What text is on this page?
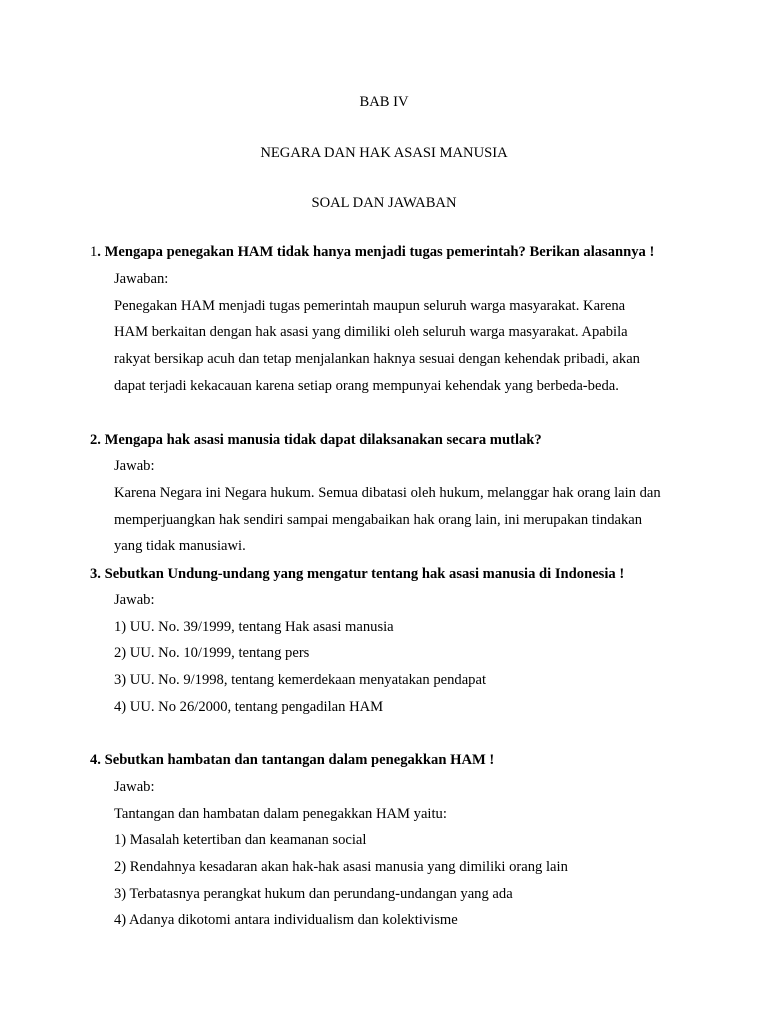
BAB IV
NEGARA DAN HAK ASASI MANUSIA
SOAL DAN JAWABAN
1. Mengapa penegakan HAM tidak hanya menjadi tugas pemerintah? Berikan alasannya !
Jawaban:
Penegakan HAM menjadi tugas pemerintah maupun seluruh warga masyarakat. Karena
HAM berkaitan dengan hak asasi yang dimiliki oleh seluruh warga masyarakat. Apabila
rakyat bersikap acuh dan tetap menjalankan haknya sesuai dengan kehendak pribadi, akan
dapat terjadi kekacauan karena setiap orang mempunyai kehendak yang berbeda-beda.
2. Mengapa hak asasi manusia tidak dapat dilaksanakan secara mutlak?
Jawab:
Karena Negara ini Negara hukum. Semua dibatasi oleh hukum, melanggar hak orang lain dan
memperjuangkan hak sendiri sampai mengabaikan hak orang lain, ini merupakan tindakan
yang tidak manusiawi.
3. Sebutkan Undung-undang yang mengatur tentang hak asasi manusia di Indonesia !
Jawab:
1) UU. No. 39/1999, tentang Hak asasi manusia
2) UU. No. 10/1999, tentang pers
3) UU. No. 9/1998, tentang kemerdekaan menyatakan pendapat
4) UU. No 26/2000, tentang pengadilan HAM
4. Sebutkan hambatan dan tantangan dalam penegakkan HAM !
Jawab:
Tantangan dan hambatan dalam penegakkan HAM yaitu:
1) Masalah ketertiban dan keamanan social
2) Rendahnya kesadaran akan hak-hak asasi manusia yang dimiliki orang lain
3) Terbatasnya perangkat hukum dan perundang-undangan yang ada
4) Adanya dikotomi antara individualism dan kolektivisme
